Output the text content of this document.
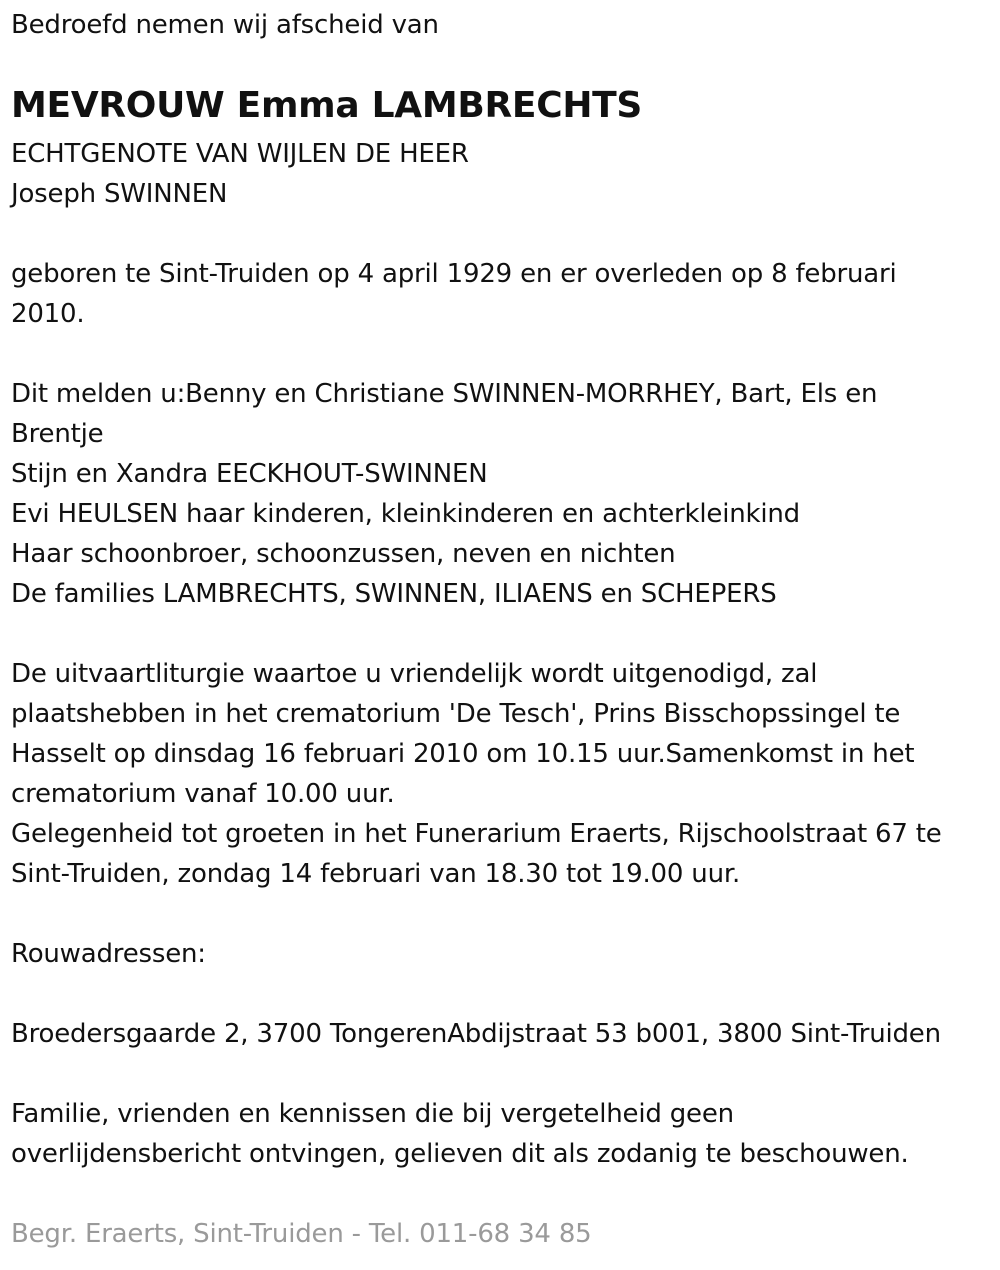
Bedroefd nemen wij afscheid van
MEVROUW Emma LAMBRECHTS
ECHTGENOTE VAN WIJLEN DE HEER
Joseph SWINNEN
geboren te Sint-Truiden op 4 april 1929 en er overleden op 8 februari
2010.
Dit melden u:Benny en Christiane SWINNEN-MORRHEY, Bart, Els en
Brentje
Stijn en Xandra EECKHOUT-SWINNEN
Evi HEULSEN haar kinderen, kleinkinderen en achterkleinkind
Haar schoonbroer, schoonzussen, neven en nichten
De families LAMBRECHTS, SWINNEN, ILIAENS en SCHEPERS
De uitvaartliturgie waartoe u vriendelijk wordt uitgenodigd, zal
plaatshebben in het crematorium 'De Tesch', Prins Bisschopssingel te
Hasselt op dinsdag 16 februari 2010 om 10.15 uur.Samenkomst in het
crematorium vanaf 10.00 uur.
Gelegenheid tot groeten in het Funerarium Eraerts, Rijschoolstraat 67 te
Sint-Truiden, zondag 14 februari van 18.30 tot 19.00 uur.
Rouwadressen:
Broedersgaarde 2, 3700 TongerenAbdijstraat 53 b001, 3800 Sint-Truiden
Familie, vrienden en kennissen die bij vergetelheid geen
overlijdensbericht ontvingen, gelieven dit als zodanig te beschouwen.
Begr. Eraerts, Sint-Truiden - Tel. 011-68 34 85
